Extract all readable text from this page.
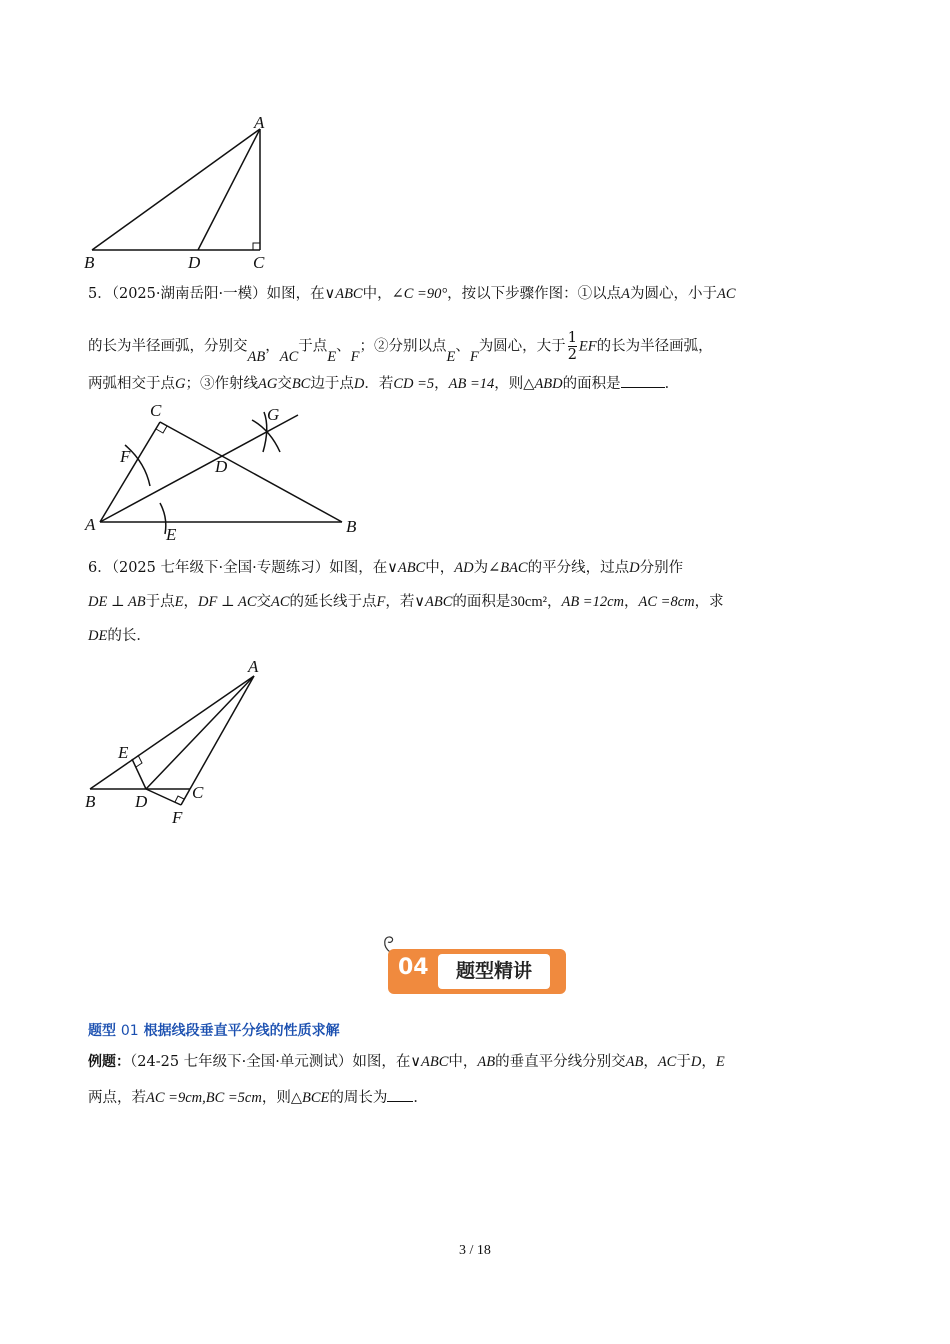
A
B	D	C
5．（2025·湖南岳阳·一模）如图，在∨ABC中，∠C =90°，按以下步骤作图：①以点A为圆心，小于AC
的长为半径画弧，分别交AB，AC于点E、F；②分别以点E、F为圆心，大于 $\frac{1}{2}$ EF的长为半径画弧，
两弧相交于点G；③作射线AG交BC边于点D．若CD =5，AB =14，则△ABD的面积是	．
C
F
D
G
A
E	B
6．（2025 七年级下·全国·专题练习）如图，在∨ABC中，AD为∠BAC的平分线，过点D分别作
DE ⊥ AB于点E，DF ⊥ AC交AC的延长线于点F，若∨ABC的面积是30cm²，AB =12cm，AC =8cm，求
DE的长．
A
E
B D	C
F
04	题型精讲
题型 01 根据线段垂直平分线的性质求解
例题：（24-25 七年级下·全国·单元测试）如图，在∨ABC中，AB的垂直平分线分别交AB，AC于D，E
两点，若AC =9cm,BC =5cm，则△BCE的周长为 ．
3 / 18
